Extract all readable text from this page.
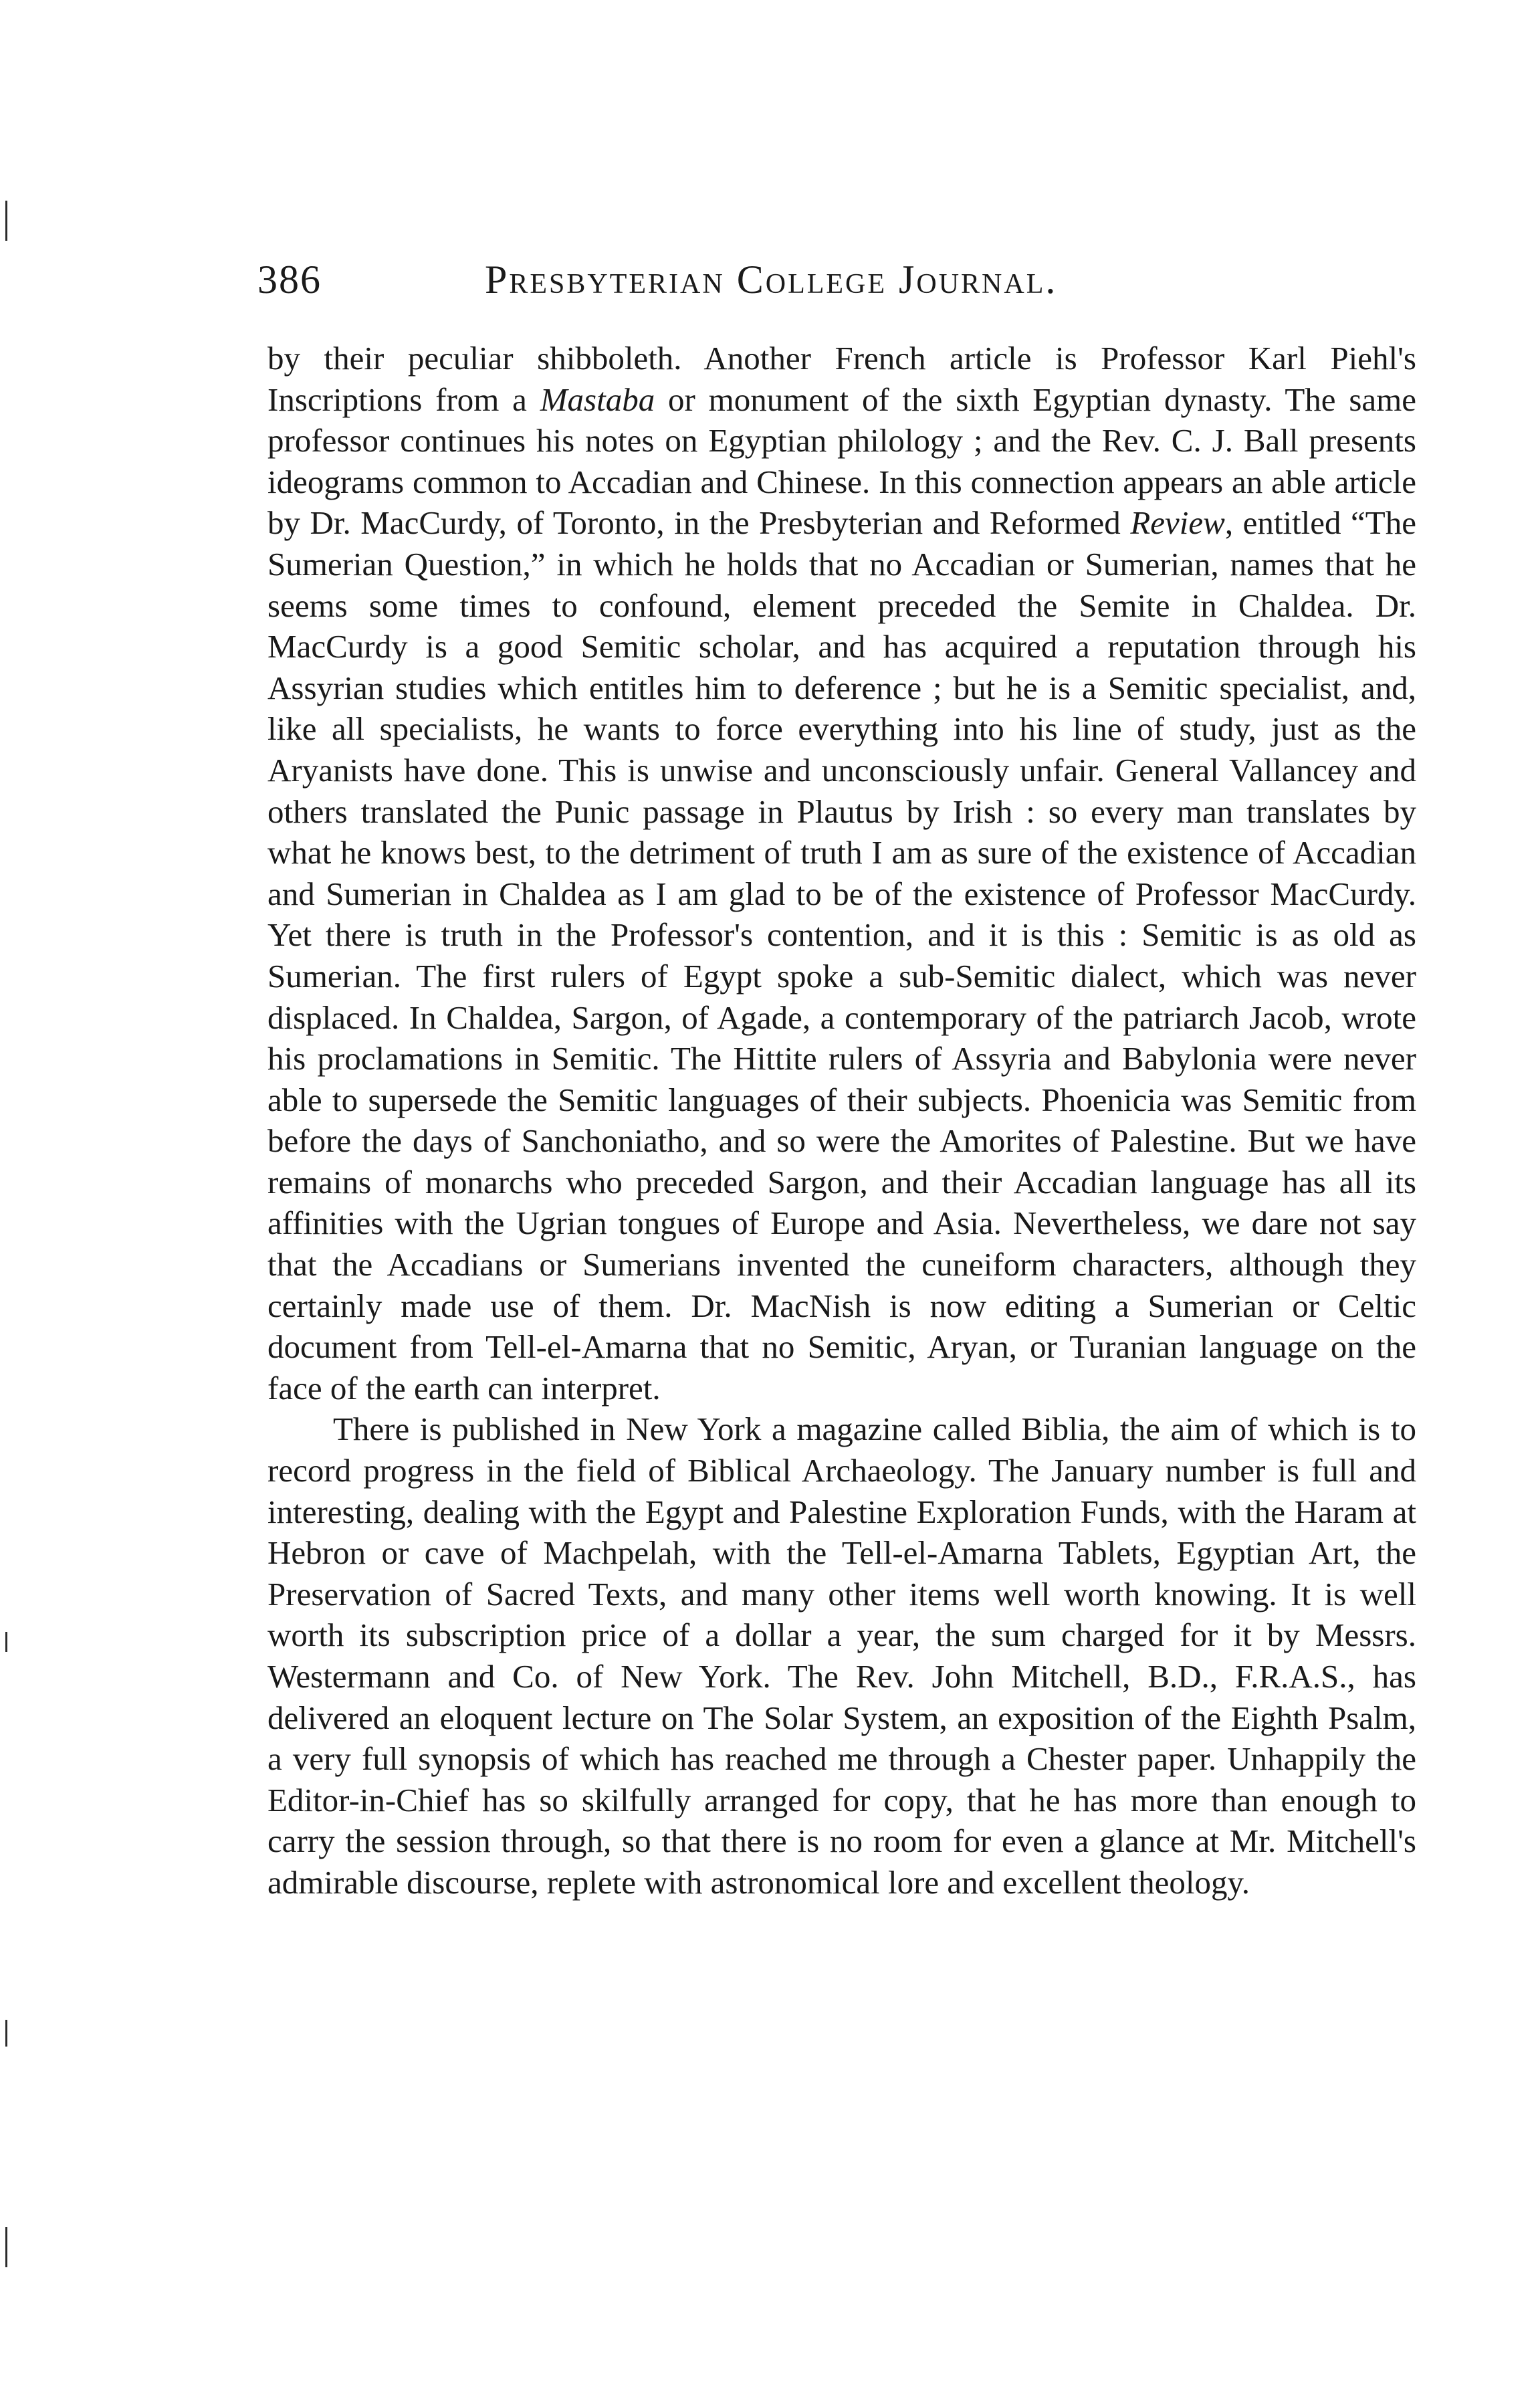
386	Presbyterian College Journal.

by their peculiar shibboleth. Another French article is Professor Karl Piehl's Inscriptions from a Mastaba or monument of the sixth Egyptian dynasty. The same professor continues his notes on Egyptian philology ; and the Rev. C. J. Ball presents ideograms common to Accadian and Chinese. In this connection appears an able article by Dr. MacCurdy, of Toronto, in the Presbyterian and Reformed Review, entitled “The Sumerian Question,” in which he holds that no Accadian or Sumerian, names that he seems some times to confound, element preceded the Semite in Chaldea. Dr. MacCurdy is a good Semitic scholar, and has acquired a reputation through his Assyrian studies which entitles him to deference ; but he is a Semitic specialist, and, like all specialists, he wants to force everything into his line of study, just as the Aryanists have done. This is unwise and unconsciously unfair. General Vallancey and others translated the Punic passage in Plautus by Irish : so every man translates by what he knows best, to the detriment of truth I am as sure of the existence of Accadian and Sumerian in Chaldea as I am glad to be of the existence of Professor MacCurdy. Yet there is truth in the Professor's contention, and it is this : Semitic is as old as Sumerian. The first rulers of Egypt spoke a sub-Semitic dialect, which was never displaced. In Chaldea, Sargon, of Agade, a contemporary of the patriarch Jacob, wrote his proclamations in Semitic. The Hittite rulers of Assyria and Babylonia were never able to supersede the Semitic languages of their subjects. Phoenicia was Semitic from before the days of Sanchoniatho, and so were the Amorites of Palestine. But we have remains of monarchs who preceded Sargon, and their Accadian language has all its affinities with the Ugrian tongues of Europe and Asia. Nevertheless, we dare not say that the Accadians or Sumerians invented the cuneiform characters, although they certainly made use of them. Dr. MacNish is now editing a Sumerian or Celtic document from Tell-el-Amarna that no Semitic, Aryan, or Turanian language on the face of the earth can interpret.

There is published in New York a magazine called Biblia, the aim of which is to record progress in the field of Biblical Archaeology. The January number is full and interesting, dealing with the Egypt and Palestine Exploration Funds, with the Haram at Hebron or cave of Machpelah, with the Tell-el-Amarna Tablets, Egyptian Art, the Preservation of Sacred Texts, and many other items well worth knowing. It is well worth its subscription price of a dollar a year, the sum charged for it by Messrs. Westermann and Co. of New York. The Rev. John Mitchell, B.D., F.R.A.S., has delivered an eloquent lecture on The Solar System, an exposition of the Eighth Psalm, a very full synopsis of which has reached me through a Chester paper. Unhappily the Editor-in-Chief has so skilfully arranged for copy, that he has more than enough to carry the session through, so that there is no room for even a glance at Mr. Mitchell's admirable discourse, replete with astronomical lore and excellent theology.
